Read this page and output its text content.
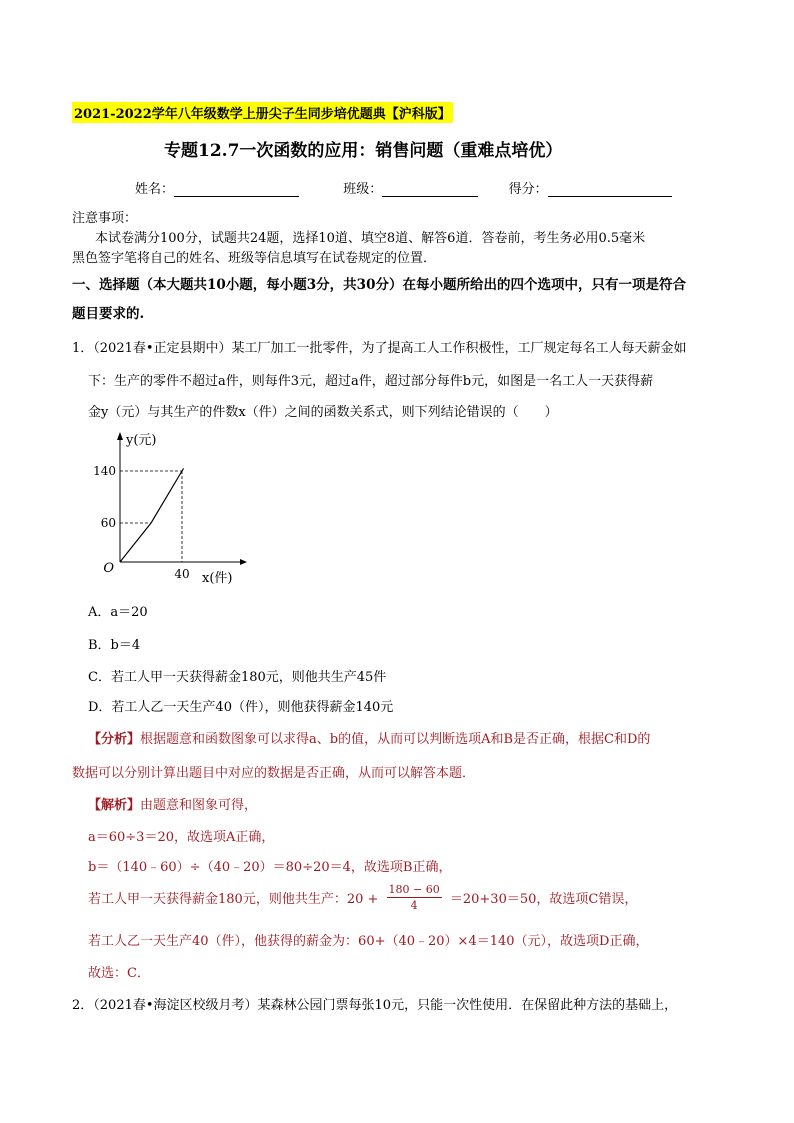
2021-2022学年八年级数学上册尖子生同步培优题典【沪科版】
专题12.7一次函数的应用：销售问题（重难点培优）
姓名：	班级：	得分：
注意事项：
本试卷满分100分，试题共24题，选择10道、填空8道、解答6道．答卷前，考生务必用0.5毫米
黑色签字笔将自己的姓名、班级等信息填写在试卷规定的位置．
一、选择题（本大题共10小题，每小题3分，共30分）在每小题所给出的四个选项中，只有一项是符合
题目要求的.
1．（2021春•正定县期中）某工厂加工一批零件，为了提高工人工作积极性，工厂规定每名工人每天薪金如
下：生产的零件不超过a件，则每件3元，超过a件，超过部分每件b元，如图是一名工人一天获得薪
金y（元）与其生产的件数x（件）之间的函数关系式，则下列结论错误的（　　）
60
140
40
O
y(元)
x(件)
A．a＝20
B．b＝4
C．若工人甲一天获得薪金180元，则他共生产45件
D．若工人乙一天生产40（件），则他获得薪金140元
【分析】根据题意和函数图象可以求得a、b的值，从而可以判断选项A和B是否正确，根据C和D的
数据可以分别计算出题目中对应的数据是否正确，从而可以解答本题．
【解析】由题意和图象可得，
a＝60÷3＝20，故选项A正确，
b＝（140﹣60）÷（40﹣20）＝80÷20＝4，故选项B正确，
若工人甲一天获得薪金180元，则他共生产：$20 + \frac{180 - 60}{4} =20+30=50$，故选项C错误，
若工人乙一天生产40（件），他获得的薪金为：60+（40﹣20）×4＝140（元），故选项D正确，
故选：C．
2．（2021春•海淀区校级月考）某森林公园门票每张10元，只能一次性使用．在保留此种方法的基础上，
